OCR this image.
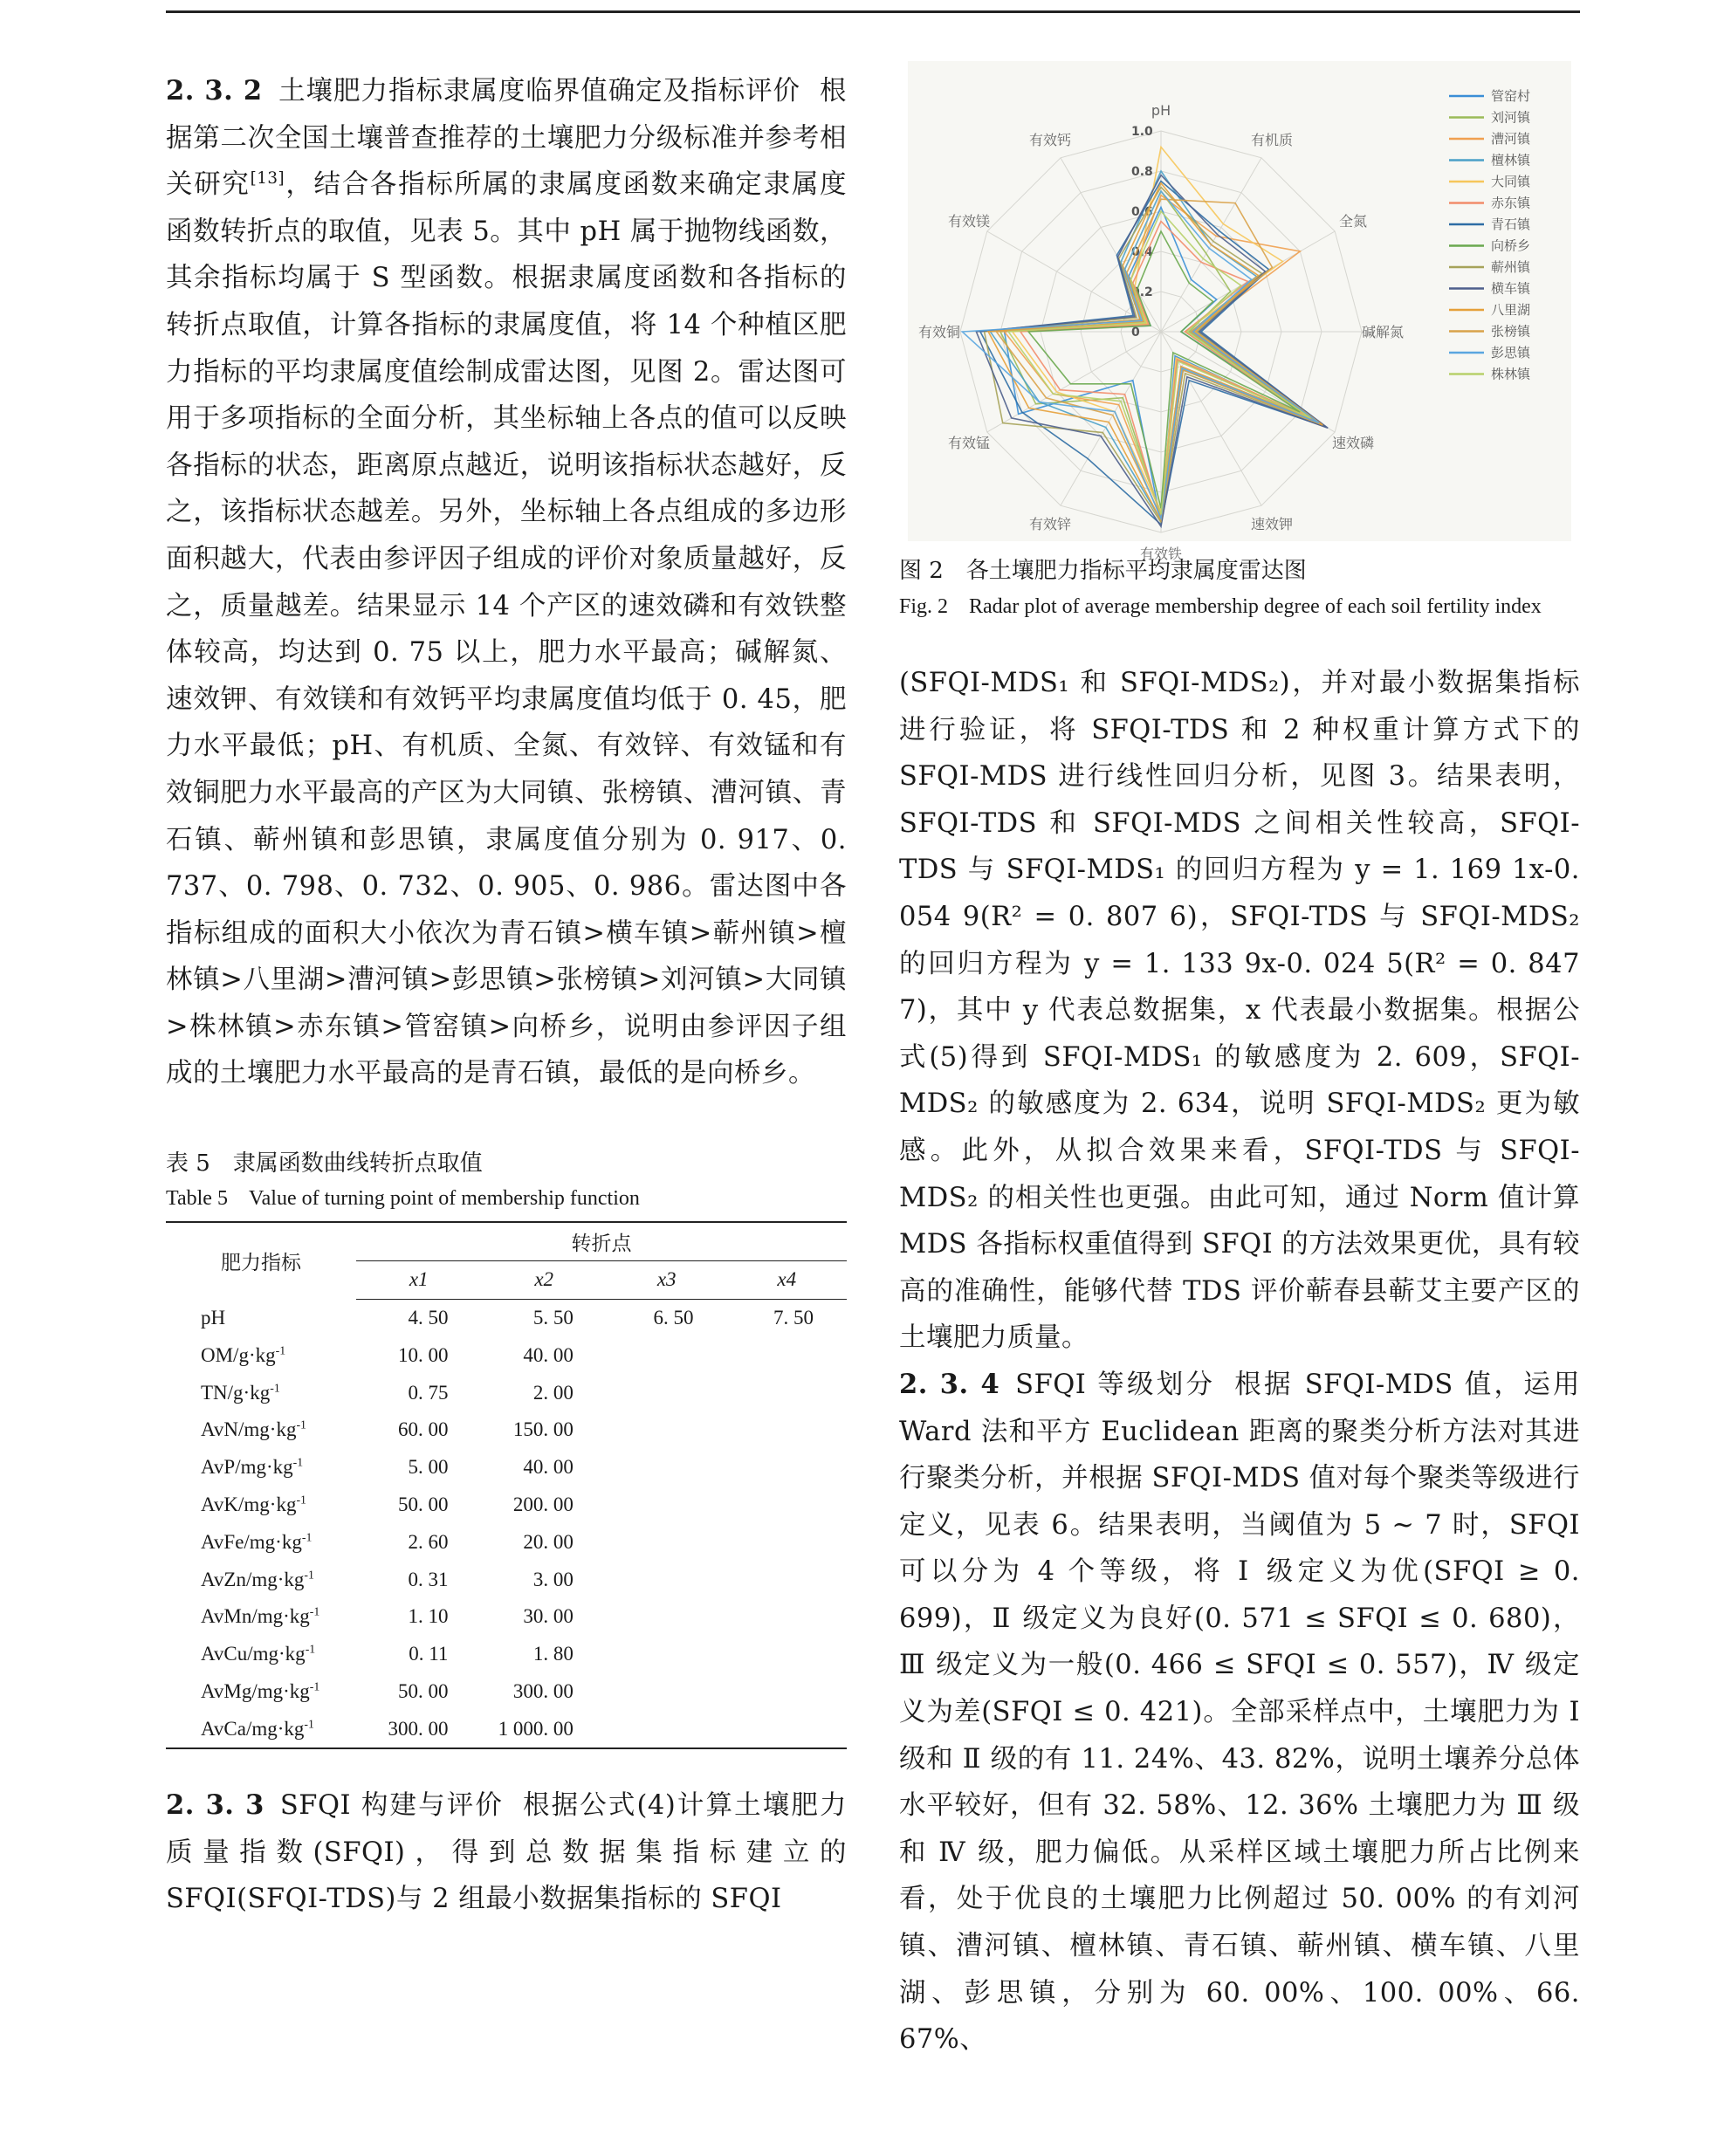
2. 3. 2 土壤肥力指标隶属度临界值确定及指标评价 根据第二次全国土壤普查推荐的土壤肥力分级标准并参考相关研究[13]，结合各指标所属的隶属度函数来确定隶属度函数转折点的取值，见表 5。其中 pH 属于抛物线函数，其余指标均属于 S 型函数。根据隶属度函数和各指标的转折点取值，计算各指标的隶属度值，将 14 个种植区肥力指标的平均隶属度值绘制成雷达图，见图 2。雷达图可用于多项指标的全面分析，其坐标轴上各点的值可以反映各指标的状态，距离原点越近，说明该指标状态越好，反之，该指标状态越差。另外，坐标轴上各点组成的多边形面积越大，代表由参评因子组成的评价对象质量越好，反之，质量越差。结果显示 14 个产区的速效磷和有效铁整体较高，均达到 0. 75 以上，肥力水平最高；碱解氮、速效钾、有效镁和有效钙平均隶属度值均低于 0. 45，肥力水平最低；pH、有机质、全氮、有效锌、有效锰和有效铜肥力水平最高的产区为大同镇、张榜镇、漕河镇、青石镇、蕲州镇和彭思镇，隶属度值分别为 0. 917、0. 737、0. 798、0. 732、0. 905、0. 986。雷达图中各指标组成的面积大小依次为青石镇>横车镇>蕲州镇>檀林镇>八里湖>漕河镇>彭思镇>张榜镇>刘河镇>大同镇>株林镇>赤东镇>管窑镇>向桥乡，说明由参评因子组成的土壤肥力水平最高的是青石镇，最低的是向桥乡。

表 5　隶属函数曲线转折点取值
Table 5　Value of turning point of membership function
肥力指标	转折点			
	x1	x2	x3	x4
pH	4. 50	5. 50	6. 50	7. 50
$OM/g\cdot kg^{-1}$	10. 00	40. 00		
$TN/g\cdot kg^{-1}$	0. 75	2. 00		
AvN/$mg\cdot kg^{-1}$	60. 00	150. 00		
AvP/$mg\cdot kg^{-1}$	5. 00	40. 00		
AvK/$mg\cdot kg^{-1}$	50. 00	200. 00		
AvFe/$mg\cdot kg^{-1}$	2. 60	20. 00		
AvZn/$mg\cdot kg^{-1}$	0. 31	3. 00		
AvMn/$mg\cdot kg^{-1}$	1. 10	30. 00		
AvCu/$mg\cdot kg^{-1}$	0. 11	1. 80		
AvMg/$mg\cdot kg^{-1}$	50. 00	300. 00		
AvCa/$mg\cdot kg^{-1}$	300. 00	1 000. 00		

2. 3. 3 SFQI 构建与评价 根据公式(4)计算土壤肥力质量指数(SFQI)，得到总数据集指标建立的 SFQI(SFQI-TDS)与 2 组最小数据集指标的 SFQI

1.0
0.8
0.6
0.4
0.2
0
pH
有机质
全氮
碱解氮
速效磷
速效钾
有效铁
有效锌
有效锰
有效铜
有效镁
有效钙
管窑村
刘河镇
漕河镇
檀林镇
大同镇
赤东镇
青石镇
向桥乡
蕲州镇
横车镇
八里湖
张榜镇
彭思镇
株林镇

图 2　各土壤肥力指标平均隶属度雷达图

Fig. 2　Radar plot of average membership degree of each soil fertility index

(SFQI-MDS₁ 和 SFQI-MDS₂)，并对最小数据集指标进行验证，将 SFQI-TDS 和 2 种权重计算方式下的 SFQI-MDS 进行线性回归分析，见图 3。结果表明，SFQI-TDS 和 SFQI-MDS 之间相关性较高，SFQI-TDS 与 SFQI-MDS₁ 的回归方程为 y = 1. 169 1x-0. 054 9(R² = 0. 807 6)，SFQI-TDS 与 SFQI-MDS₂ 的回归方程为 y = 1. 133 9x-0. 024 5(R² = 0. 847 7)，其中 y 代表总数据集，x 代表最小数据集。根据公式(5)得到 SFQI-MDS₁ 的敏感度为 2. 609，SFQI-MDS₂ 的敏感度为 2. 634，说明 SFQI-MDS₂ 更为敏感。此外，从拟合效果来看，SFQI-TDS 与 SFQI-MDS₂ 的相关性也更强。由此可知，通过 Norm 值计算 MDS 各指标权重值得到 SFQI 的方法效果更优，具有较高的准确性，能够代替 TDS 评价蕲春县蕲艾主要产区的土壤肥力质量。

2. 3. 4 SFQI 等级划分 根据 SFQI-MDS 值，运用 Ward 法和平方 Euclidean 距离的聚类分析方法对其进行聚类分析，并根据 SFQI-MDS 值对每个聚类等级进行定义，见表 6。结果表明，当阈值为 5 ~ 7 时，SFQI 可以分为 4 个等级，将 Ⅰ 级定义为优(SFQI ≥ 0. 699)，Ⅱ 级定义为良好(0. 571 ≤ SFQI ≤ 0. 680)，Ⅲ 级定义为一般(0. 466 ≤ SFQI ≤ 0. 557)，Ⅳ 级定义为差(SFQI ≤ 0. 421)。全部采样点中，土壤肥力为 Ⅰ 级和 Ⅱ 级的有 11. 24%、43. 82%，说明土壤养分总体水平较好，但有 32. 58%、12. 36% 土壤肥力为 Ⅲ 级和 Ⅳ 级，肥力偏低。从采样区域土壤肥力所占比例来看，处于优良的土壤肥力比例超过 50. 00% 的有刘河镇、漕河镇、檀林镇、青石镇、蕲州镇、横车镇、八里湖、彭思镇，分别为 60. 00%、100. 00%、66. 67%、
